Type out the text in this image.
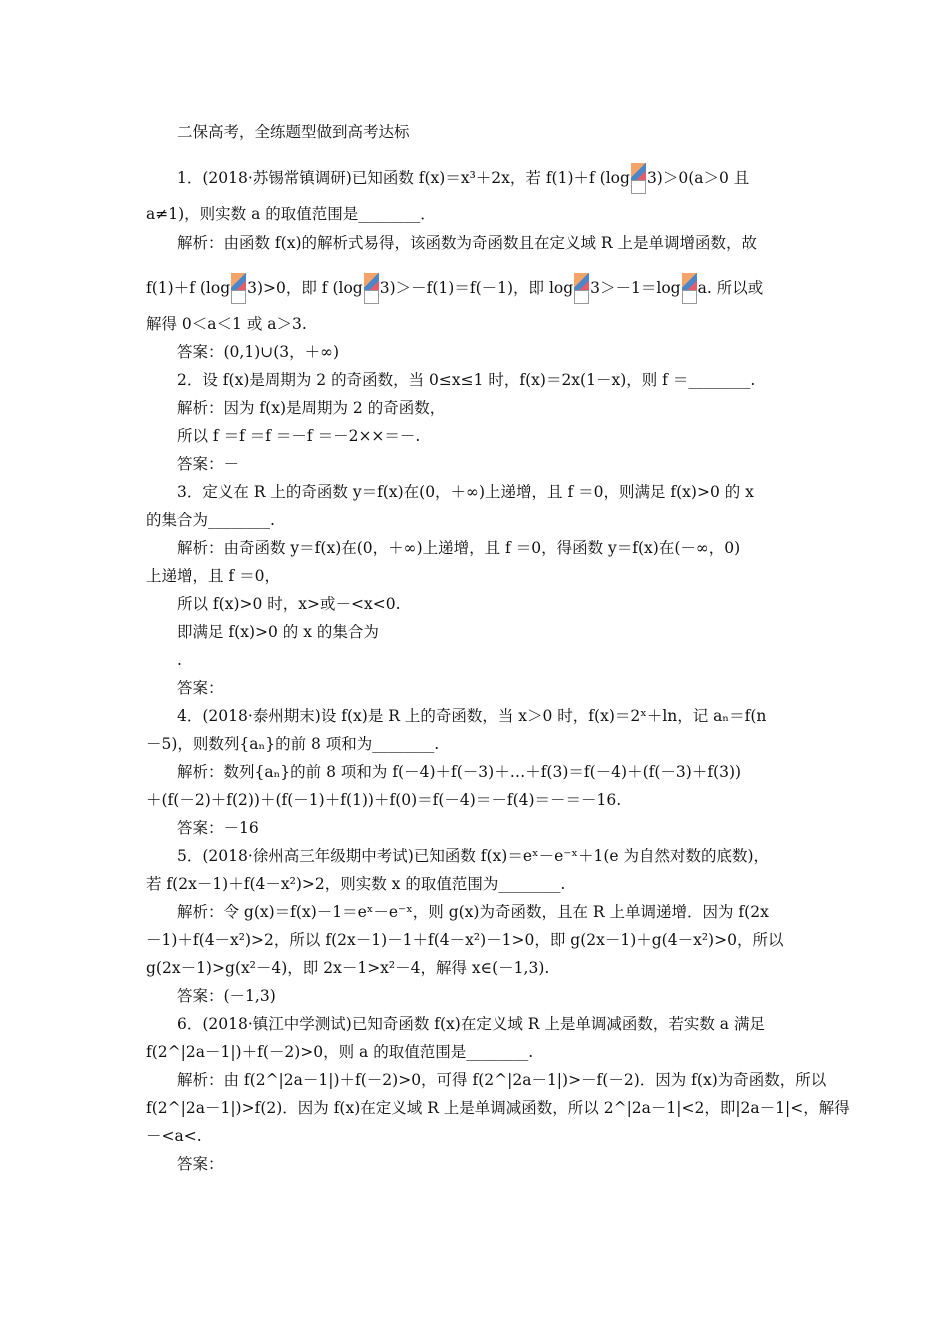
二保高考，全练题型做到高考达标
1．(2018·苏锡常镇调研)已知函数 f(x)＝x³＋2x，若 f(1)＋f (log 3)＞0(a＞0 且
a≠1)，则实数 a 的取值范围是________．
解析：由函数 f(x)的解析式易得，该函数为奇函数且在定义域 R 上是单调增函数，故
f(1)＋f (log 3)>0，即 f (log 3)＞－f(1)＝f(－1)，即 log 3＞－1＝log a. 所以或
解得 0＜a＜1 或 a＞3.
答案：(0,1)∪(3，＋∞)
2．设 f(x)是周期为 2 的奇函数，当 0≤x≤1 时，f(x)＝2x(1－x)，则 f ＝________.
解析：因为 f(x)是周期为 2 的奇函数，
所以 f ＝f ＝f ＝－f ＝－2××＝－.
答案：－
3．定义在 R 上的奇函数 y＝f(x)在(0，＋∞)上递增，且 f ＝0，则满足 f(x)>0 的 x
的集合为________.
解析：由奇函数 y＝f(x)在(0，＋∞)上递增，且 f ＝0，得函数 y＝f(x)在(－∞，0)
上递增，且 f ＝0，
所以 f(x)>0 时，x>或－<x<0.
即满足 f(x)>0 的 x 的集合为
.
答案：
4．(2018·泰州期末)设 f(x)是 R 上的奇函数，当 x＞0 时，f(x)＝2ˣ＋ln，记 aₙ＝f(n
－5)，则数列{aₙ}的前 8 项和为________.
解析：数列{aₙ}的前 8 项和为 f(－4)＋f(－3)＋…＋f(3)＝f(－4)＋(f(－3)＋f(3))
＋(f(－2)＋f(2))＋(f(－1)＋f(1))＋f(0)＝f(－4)＝－f(4)＝－＝－16.
答案：－16
5．(2018·徐州高三年级期中考试)已知函数 f(x)＝eˣ－e⁻ˣ＋1(e 为自然对数的底数)，
若 f(2x－1)＋f(4－x²)>2，则实数 x 的取值范围为________.
解析：令 g(x)＝f(x)－1＝eˣ－e⁻ˣ，则 g(x)为奇函数，且在 R 上单调递增．因为 f(2x
－1)＋f(4－x²)>2，所以 f(2x－1)－1＋f(4－x²)－1>0，即 g(2x－1)＋g(4－x²)>0，所以
g(2x－1)>g(x²－4)，即 2x－1>x²－4，解得 x∈(－1,3).
答案：(－1,3)
6．(2018·镇江中学测试)已知奇函数 f(x)在定义域 R 上是单调减函数，若实数 a 满足
f(2^|2a－1|)＋f(－2)>0，则 a 的取值范围是________.
解析：由 f(2^|2a－1|)＋f(－2)>0，可得 f(2^|2a－1|)>－f(－2)．因为 f(x)为奇函数，所以
f(2^|2a－1|)>f(2)．因为 f(x)在定义域 R 上是单调减函数，所以 2^|2a－1|<2，即|2a－1|<，解得
－<a<.
答案：
